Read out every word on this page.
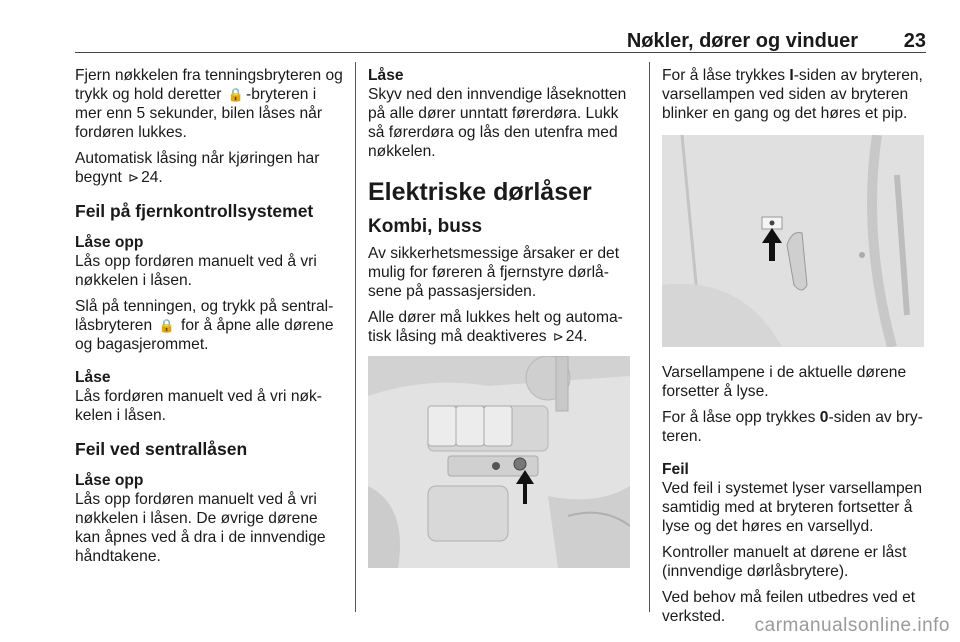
Nøkler, dører og vinduer 23

Fjern nøkkelen fra tenningsbryteren og trykk og hold deretter 🔒 -bryteren i mer enn 5 sekunder, bilen låses når fordøren lukkes.

Automatisk låsing når kjøringen har begynt ⊳ 24.

Feil på fjernkontrollsystemet
Låse opp

Lås opp fordøren manuelt ved å vri nøkkelen i låsen.

Slå på tenningen, og trykk på sentral-låsbryteren 🔒 for å åpne alle dørene og bagasjerommet.

Låse

Lås fordøren manuelt ved å vri nøk-kelen i låsen.

Feil ved sentrallåsen
Låse opp

Lås opp fordøren manuelt ved å vri nøkkelen i låsen. De øvrige dørene kan åpnes ved å dra i de innvendige håndtakene.

Låse

Skyv ned den innvendige låseknotten på alle dører unntatt førerdøra. Lukk så førerdøra og lås den utenfra med nøkkelen.

Elektriske dørlåser
Kombi, buss

Av sikkerhetsmessige årsaker er det mulig for føreren å fjernstyre dørlå-sene på passasjersiden.

Alle dører må lukkes helt og automa-tisk låsing må deaktiveres ⊳ 24.

For å låse trykkes I-siden av bryteren, varsellampen ved siden av bryteren blinker en gang og det høres et pip.

Varsellampene i de aktuelle dørene forsetter å lyse.

For å låse opp trykkes 0-siden av bry-teren.

Feil

Ved feil i systemet lyser varsellampen samtidig med at bryteren fortsetter å lyse og det høres en varsellyd.

Kontroller manuelt at dørene er låst (innvendige dørlåsbrytere).

Ved behov må feilen utbedres ved et verksted.	carmanualsonline.info
